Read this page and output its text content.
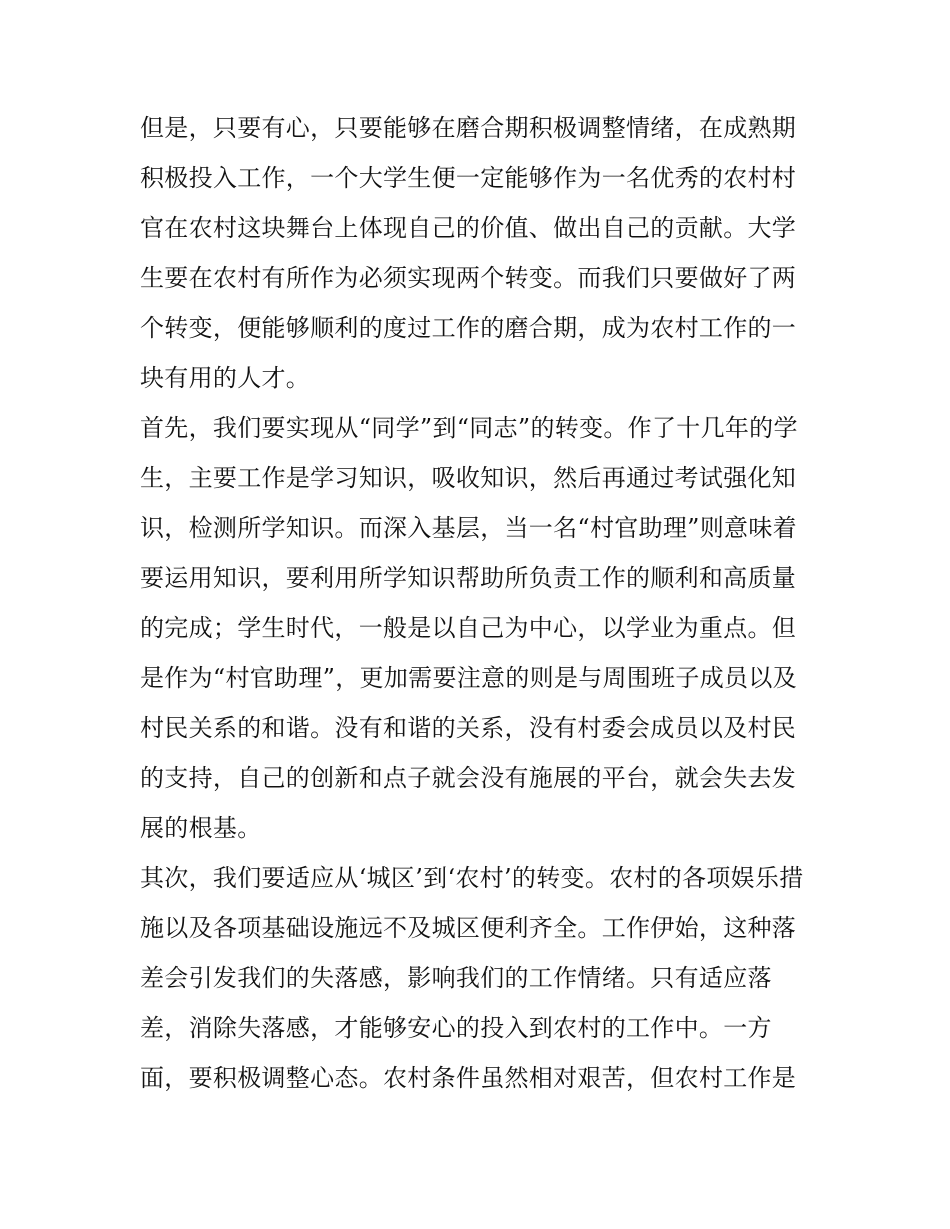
但是，只要有心，只要能够在磨合期积极调整情绪，在成熟期
积极投入工作，一个大学生便一定能够作为一名优秀的农村村
官在农村这块舞台上体现自己的价值、做出自己的贡献。大学
生要在农村有所作为必须实现两个转变。而我们只要做好了两
个转变，便能够顺利的度过工作的磨合期，成为农村工作的一
块有用的人才。
首先，我们要实现从“同学”到“同志”的转变。作了十几年的学
生，主要工作是学习知识，吸收知识，然后再通过考试强化知
识，检测所学知识。而深入基层，当一名“村官助理”则意味着
要运用知识，要利用所学知识帮助所负责工作的顺利和高质量
的完成；学生时代，一般是以自己为中心，以学业为重点。但
是作为“村官助理”，更加需要注意的则是与周围班子成员以及
村民关系的和谐。没有和谐的关系，没有村委会成员以及村民
的支持，自己的创新和点子就会没有施展的平台，就会失去发
展的根基。
其次，我们要适应从‘城区’到‘农村’的转变。农村的各项娱乐措
施以及各项基础设施远不及城区便利齐全。工作伊始，这种落
差会引发我们的失落感，影响我们的工作情绪。只有适应落
差，消除失落感，才能够安心的投入到农村的工作中。一方
面，要积极调整心态。农村条件虽然相对艰苦，但农村工作是
